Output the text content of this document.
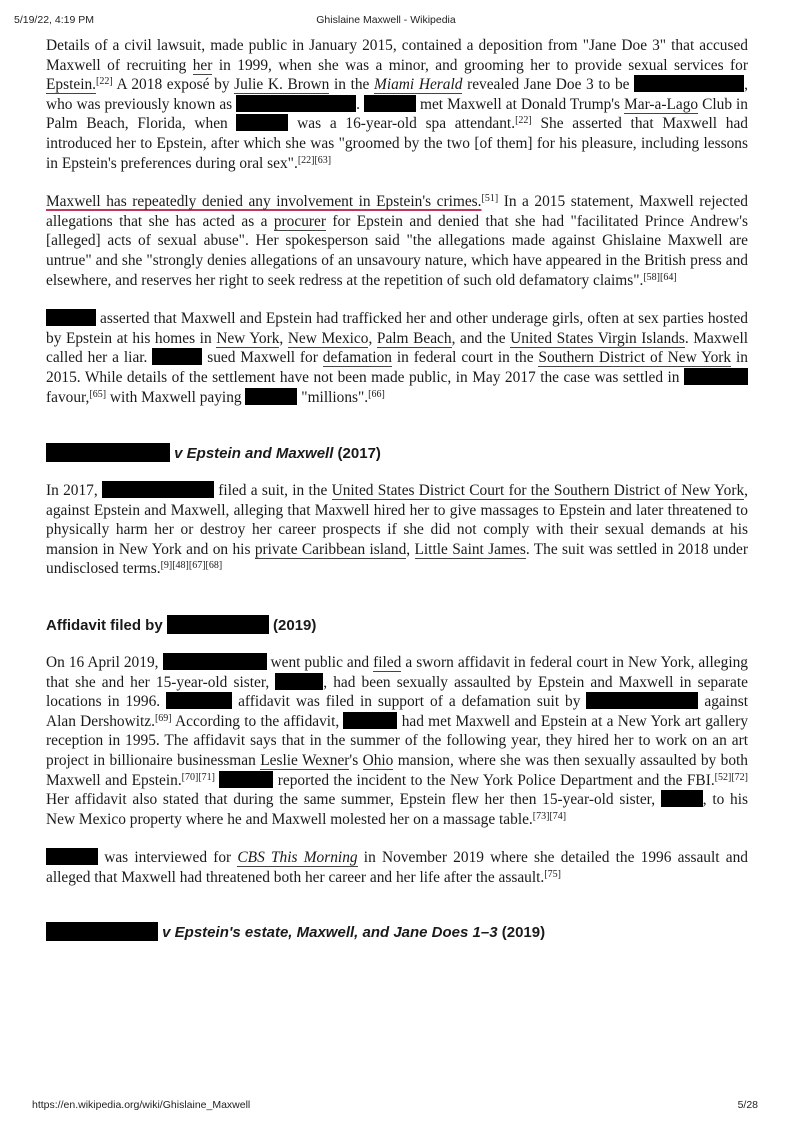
5/19/22, 4:19 PM	Ghislaine Maxwell - Wikipedia

Details of a civil lawsuit, made public in January 2015, contained a deposition from "Jane Doe 3" that accused Maxwell of recruiting her in 1999, when she was a minor, and grooming her to provide sexual services for Epstein.[22] A 2018 exposé by Julie K. Brown in the Miami Herald revealed Jane Doe 3 to be	, who was previously known as	.	met Maxwell at Donald Trump's Mar-a-Lago Club in Palm Beach, Florida, when	was a 16-year-old spa attendant.[22] She asserted that Maxwell had introduced her to Epstein, after which she was "groomed by the two [of them] for his pleasure, including lessons in Epstein's preferences during oral sex".[22][63]

Maxwell has repeatedly denied any involvement in Epstein's crimes.[51] In a 2015 statement, Maxwell rejected allegations that she has acted as a procurer for Epstein and denied that she had "facilitated Prince Andrew's [alleged] acts of sexual abuse". Her spokesperson said "the allegations made against Ghislaine Maxwell are untrue" and she "strongly denies allegations of an unsavoury nature, which have appeared in the British press and elsewhere, and reserves her right to seek redress at the repetition of such old defamatory claims".[58][64]

asserted that Maxwell and Epstein had trafficked her and other underage girls, often at sex parties hosted by Epstein at his homes in New York, New Mexico, Palm Beach, and the United States Virgin Islands. Maxwell called her a liar.	sued Maxwell for defamation in federal court in the Southern District of New York in 2015. While details of the settlement have not been made public, in May 2017 the case was settled in  favour,[65] with Maxwell paying	"millions".[66]

v Epstein and Maxwell (2017)

In 2017,	filed a suit, in the United States District Court for the Southern District of New York, against Epstein and Maxwell, alleging that Maxwell hired her to give massages to Epstein and later threatened to physically harm her or destroy her career prospects if she did not comply with their sexual demands at his mansion in New York and on his private Caribbean island, Little Saint James. The suit was settled in 2018 under undisclosed terms.[9][48][67][68]

Affidavit filed by	(2019)

On 16 April 2019,	went public and filed a sworn affidavit in federal court in New York, alleging that she and her 15-year-old sister,	, had been sexually assaulted by Epstein and Maxwell in separate locations in 1996.	affidavit was filed in support of a defamation suit by	against Alan Dershowitz.[69] According to the affidavit,	had met Maxwell and Epstein at a New York art gallery reception in 1995. The affidavit says that in the summer of the following year, they hired her to work on an art project in billionaire businessman Leslie Wexner's Ohio mansion, where she was then sexually assaulted by both Maxwell and Epstein.[70][71]	reported the incident to the New York Police Department and the FBI.[52][72] Her affidavit also stated that during the same summer, Epstein flew her then 15-year-old sister,	, to his New Mexico property where he and Maxwell molested her on a massage table.[73][74]

was interviewed for CBS This Morning in November 2019 where she detailed the 1996 assault and alleged that Maxwell had threatened both her career and her life after the assault.[75]

v Epstein's estate, Maxwell, and Jane Does 1–3 (2019)
https://en.wikipedia.org/wiki/Ghislaine_Maxwell	5/28
